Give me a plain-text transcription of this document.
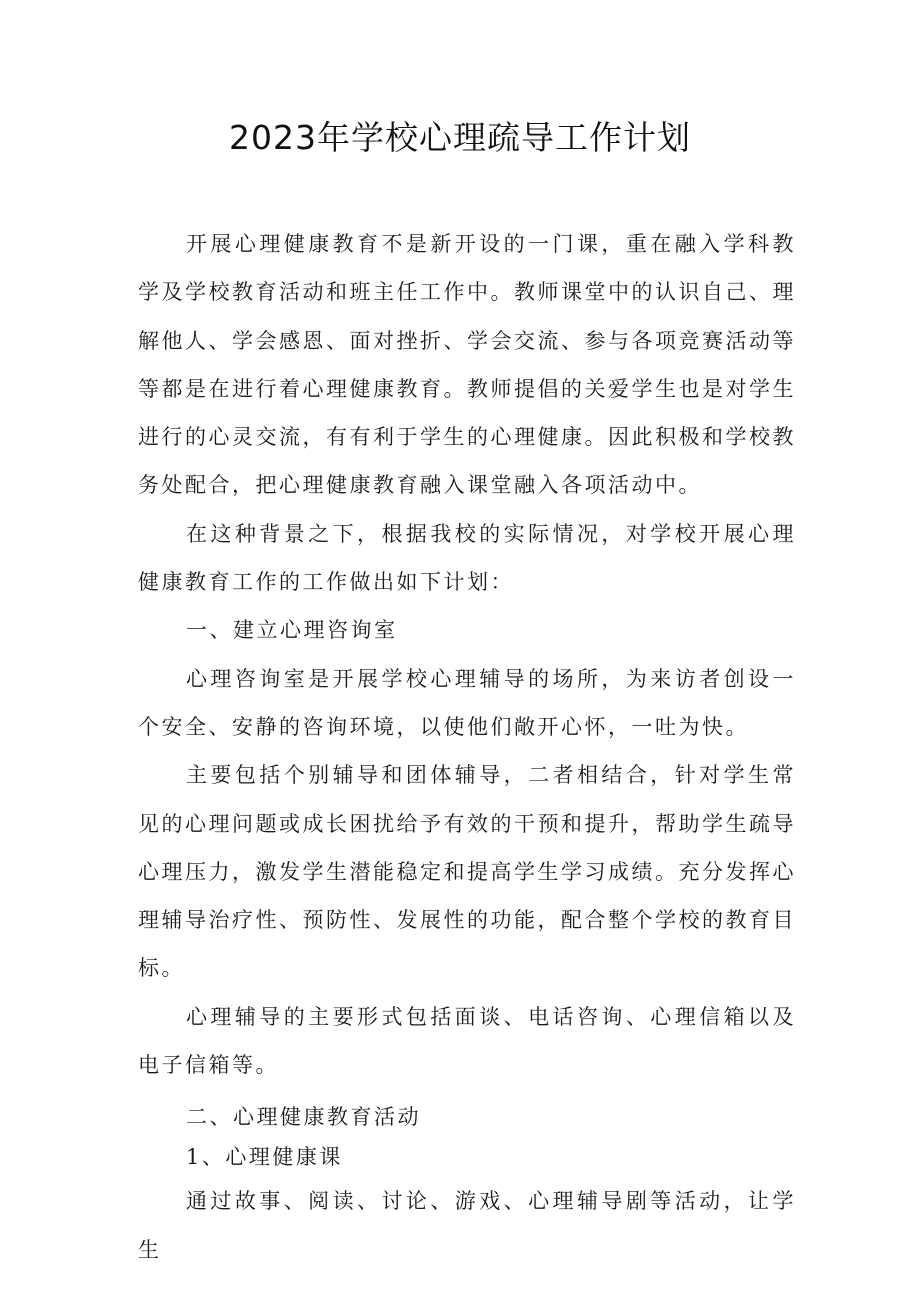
2023年学校心理疏导工作计划

开展心理健康教育不是新开设的一门课，重在融入学科教学及学校教育活动和班主任工作中。教师课堂中的认识自己、理解他人、学会感恩、面对挫折、学会交流、参与各项竞赛活动等等都是在进行着心理健康教育。教师提倡的关爱学生也是对学生进行的心灵交流，有有利于学生的心理健康。因此积极和学校教务处配合，把心理健康教育融入课堂融入各项活动中。

在这种背景之下，根据我校的实际情况，对学校开展心理健康教育工作的工作做出如下计划：

一、建立心理咨询室

心理咨询室是开展学校心理辅导的场所，为来访者创设一个安全、安静的咨询环境，以使他们敞开心怀，一吐为快。

主要包括个别辅导和团体辅导，二者相结合，针对学生常见的心理问题或成长困扰给予有效的干预和提升，帮助学生疏导心理压力，激发学生潜能稳定和提高学生学习成绩。充分发挥心理辅导治疗性、预防性、发展性的功能，配合整个学校的教育目标。

心理辅导的主要形式包括面谈、电话咨询、心理信箱以及电子信箱等。

二、心理健康教育活动

1、心理健康课

通过故事、阅读、讨论、游戏、心理辅导剧等活动，让学生
